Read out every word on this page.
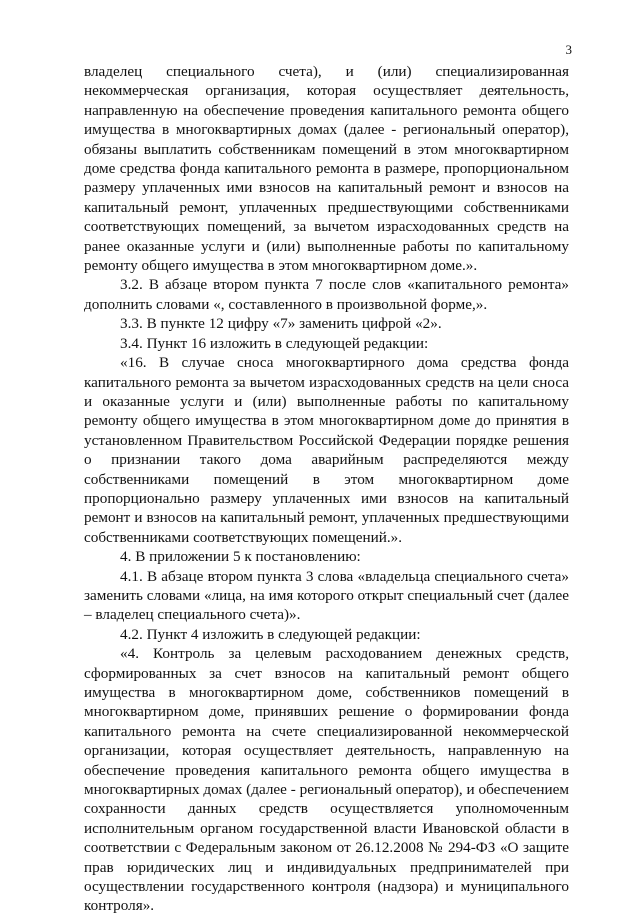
3

владелец специального счета), и (или) специализированная некоммерческая организация, которая осуществляет деятельность, направленную на обеспечение проведения капитального ремонта общего имущества в многоквартирных домах (далее - региональный оператор), обязаны выплатить собственникам помещений в этом многоквартирном доме средства фонда капитального ремонта в размере, пропорциональном размеру уплаченных ими взносов на капитальный ремонт и взносов на капитальный ремонт, уплаченных предшествующими собственниками соответствующих помещений, за вычетом израсходованных средств на ранее оказанные услуги и (или) выполненные работы по капитальному ремонту общего имущества в этом многоквартирном доме.».

3.2. В абзаце втором пункта 7 после слов «капитального ремонта» дополнить словами «, составленного в произвольной форме,».

3.3. В пункте 12 цифру «7» заменить цифрой «2».

3.4. Пункт 16 изложить в следующей редакции:

«16. В случае сноса многоквартирного дома средства фонда капитального ремонта за вычетом израсходованных средств на цели сноса и оказанные услуги и (или) выполненные работы по капитальному ремонту общего имущества в этом многоквартирном доме до принятия в установленном Правительством Российской Федерации порядке решения о признании такого дома аварийным распределяются между собственниками помещений в этом многоквартирном доме пропорционально размеру уплаченных ими взносов на капитальный ремонт и взносов на капитальный ремонт, уплаченных предшествующими собственниками соответствующих помещений.».

4. В приложении 5 к постановлению:

4.1. В абзаце втором пункта 3 слова «владельца специального счета» заменить словами «лица, на имя которого открыт специальный счет (далее – владелец специального счета)».

4.2. Пункт 4 изложить в следующей редакции:

«4. Контроль за целевым расходованием денежных средств, сформированных за счет взносов на капитальный ремонт общего имущества в многоквартирном доме, собственников помещений в многоквартирном доме, принявших решение о формировании фонда капитального ремонта на счете специализированной некоммерческой организации, которая осуществляет деятельность, направленную на обеспечение проведения капитального ремонта общего имущества в многоквартирных домах (далее - региональный оператор), и обеспечением сохранности данных средств осуществляется уполномоченным исполнительным органом государственной власти Ивановской области в соответствии с Федеральным законом от 26.12.2008 № 294-ФЗ «О защите прав юридических лиц и индивидуальных предпринимателей при осуществлении государственного контроля (надзора) и муниципального контроля».
